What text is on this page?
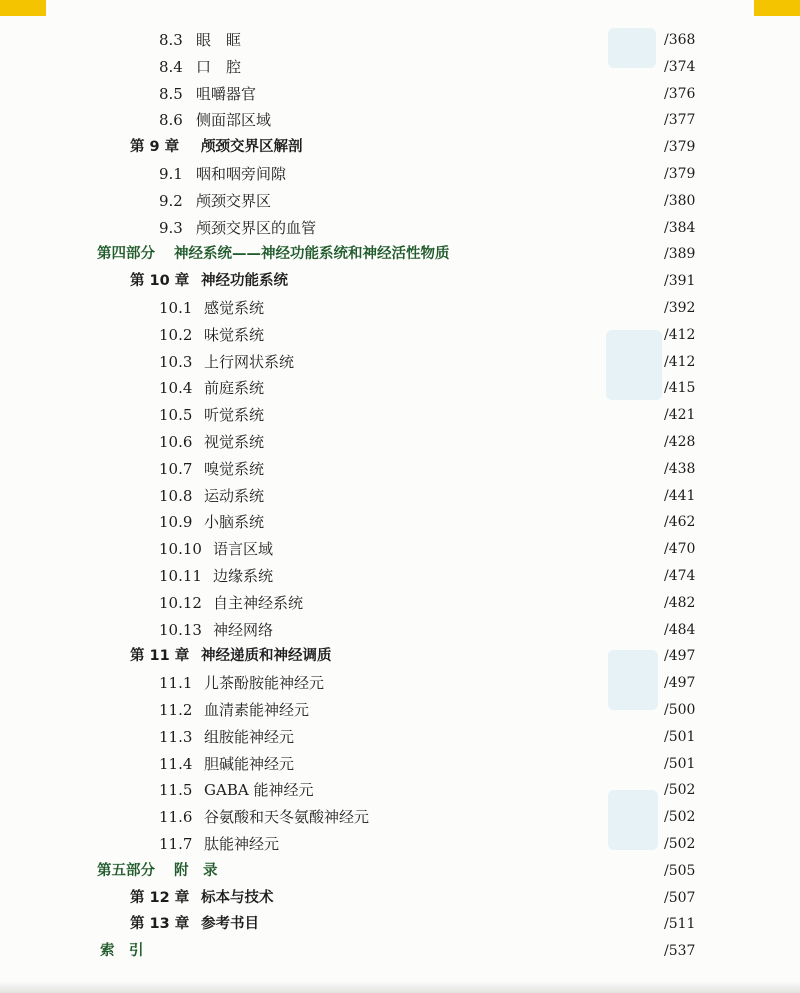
8.3 眼　眶	/368
8.4 口　腔	/374
8.5 咀嚼器官	/376
8.6 侧面部区域	/377
第 9 章 颅颈交界区解剖	/379
9.1 咽和咽旁间隙	/379
9.2 颅颈交界区	/380
9.3 颅颈交界区的血管	/384
第四部分 神经系统——神经功能系统和神经活性物质	/389
第 10 章 神经功能系统	/391
10.1 感觉系统	/392
10.2 味觉系统	/412
10.3 上行网状系统	/412
10.4 前庭系统	/415
10.5 听觉系统	/421
10.6 视觉系统	/428
10.7 嗅觉系统	/438
10.8 运动系统	/441
10.9 小脑系统	/462
10.10 语言区域	/470
10.11 边缘系统	/474
10.12 自主神经系统	/482
10.13 神经网络	/484
第 11 章 神经递质和神经调质	/497
11.1 儿茶酚胺能神经元	/497
11.2 血清素能神经元	/500
11.3 组胺能神经元	/501
11.4 胆碱能神经元	/501
11.5 GABA 能神经元	/502
11.6 谷氨酸和天冬氨酸神经元	/502
11.7 肽能神经元	/502
第五部分 附　录	/505
第 12 章 标本与技术	/507
第 13 章 参考书目	/511
索　引	/537
